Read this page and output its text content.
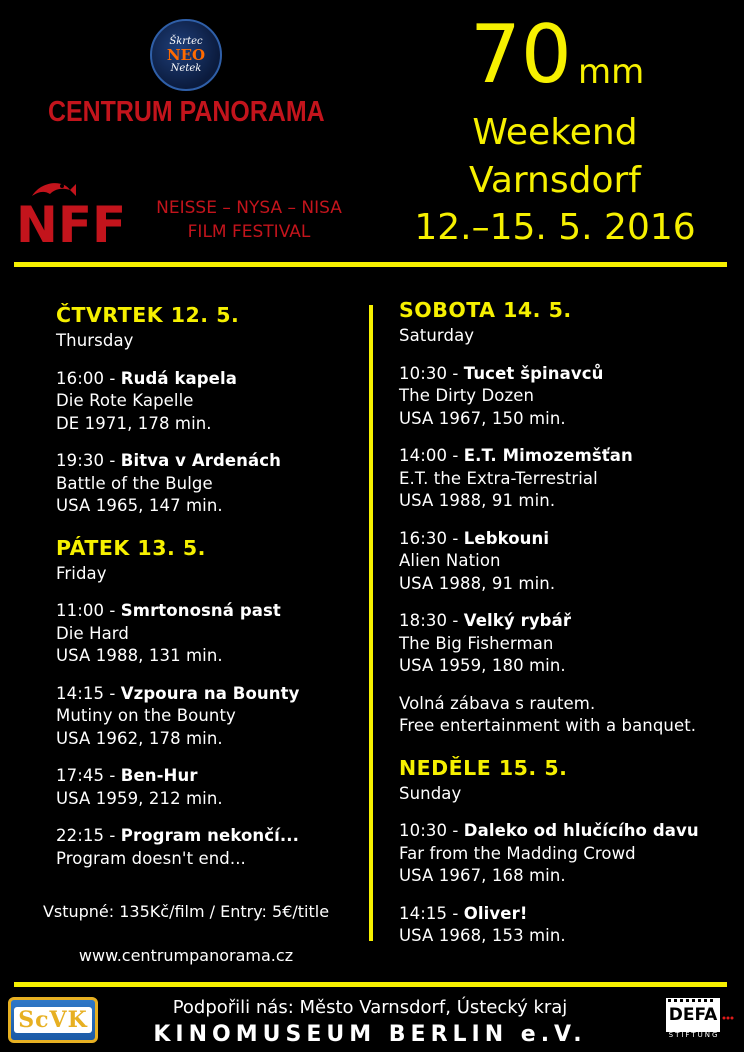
Škrtec
NEO
Netek
CENTRUM PANORAMA
NFF	NEISSE – NYSA – NISA
FILM FESTIVAL
70 mm
Weekend
Varnsdorf
12.–15. 5. 2016
ČTVRTEK 12. 5.
Thursday
16:00 - Rudá kapela
Die Rote Kapelle
DE 1971, 178 min.
19:30 - Bitva v Ardenách
Battle of the Bulge
USA 1965, 147 min.
PÁTEK 13. 5.
Friday
11:00 - Smrtonosná past
Die Hard
USA 1988, 131 min.
14:15 - Vzpoura na Bounty
Mutiny on the Bounty
USA 1962, 178 min.
17:45 - Ben-Hur
USA 1959, 212 min.
22:15 - Program nekončí...
Program doesn't end...
Vstupné: 135Kč/film / Entry: 5€/title
www.centrumpanorama.cz
SOBOTA 14. 5.
Saturday
10:30 - Tucet špinavců
The Dirty Dozen
USA 1967, 150 min.
14:00 - E.T. Mimozemšťan
E.T. the Extra-Terrestrial
USA 1988, 91 min.
16:30 - Lebkouni
Alien Nation
USA 1988, 91 min.
18:30 - Velký rybář
The Big Fisherman
USA 1959, 180 min.
Volná zábava s rautem.
Free entertainment with a banquet.
NEDĚLE 15. 5.
Sunday
10:30 - Daleko od hlučícího davu
Far from the Madding Crowd
USA 1967, 168 min.
14:15 - Oliver!
USA 1968, 153 min.
ScVK	Podpořili nás: Město Varnsdorf, Ústecký kraj
KINOMUSEUM BERLIN e.V.
DEFA
STIFTUNG
